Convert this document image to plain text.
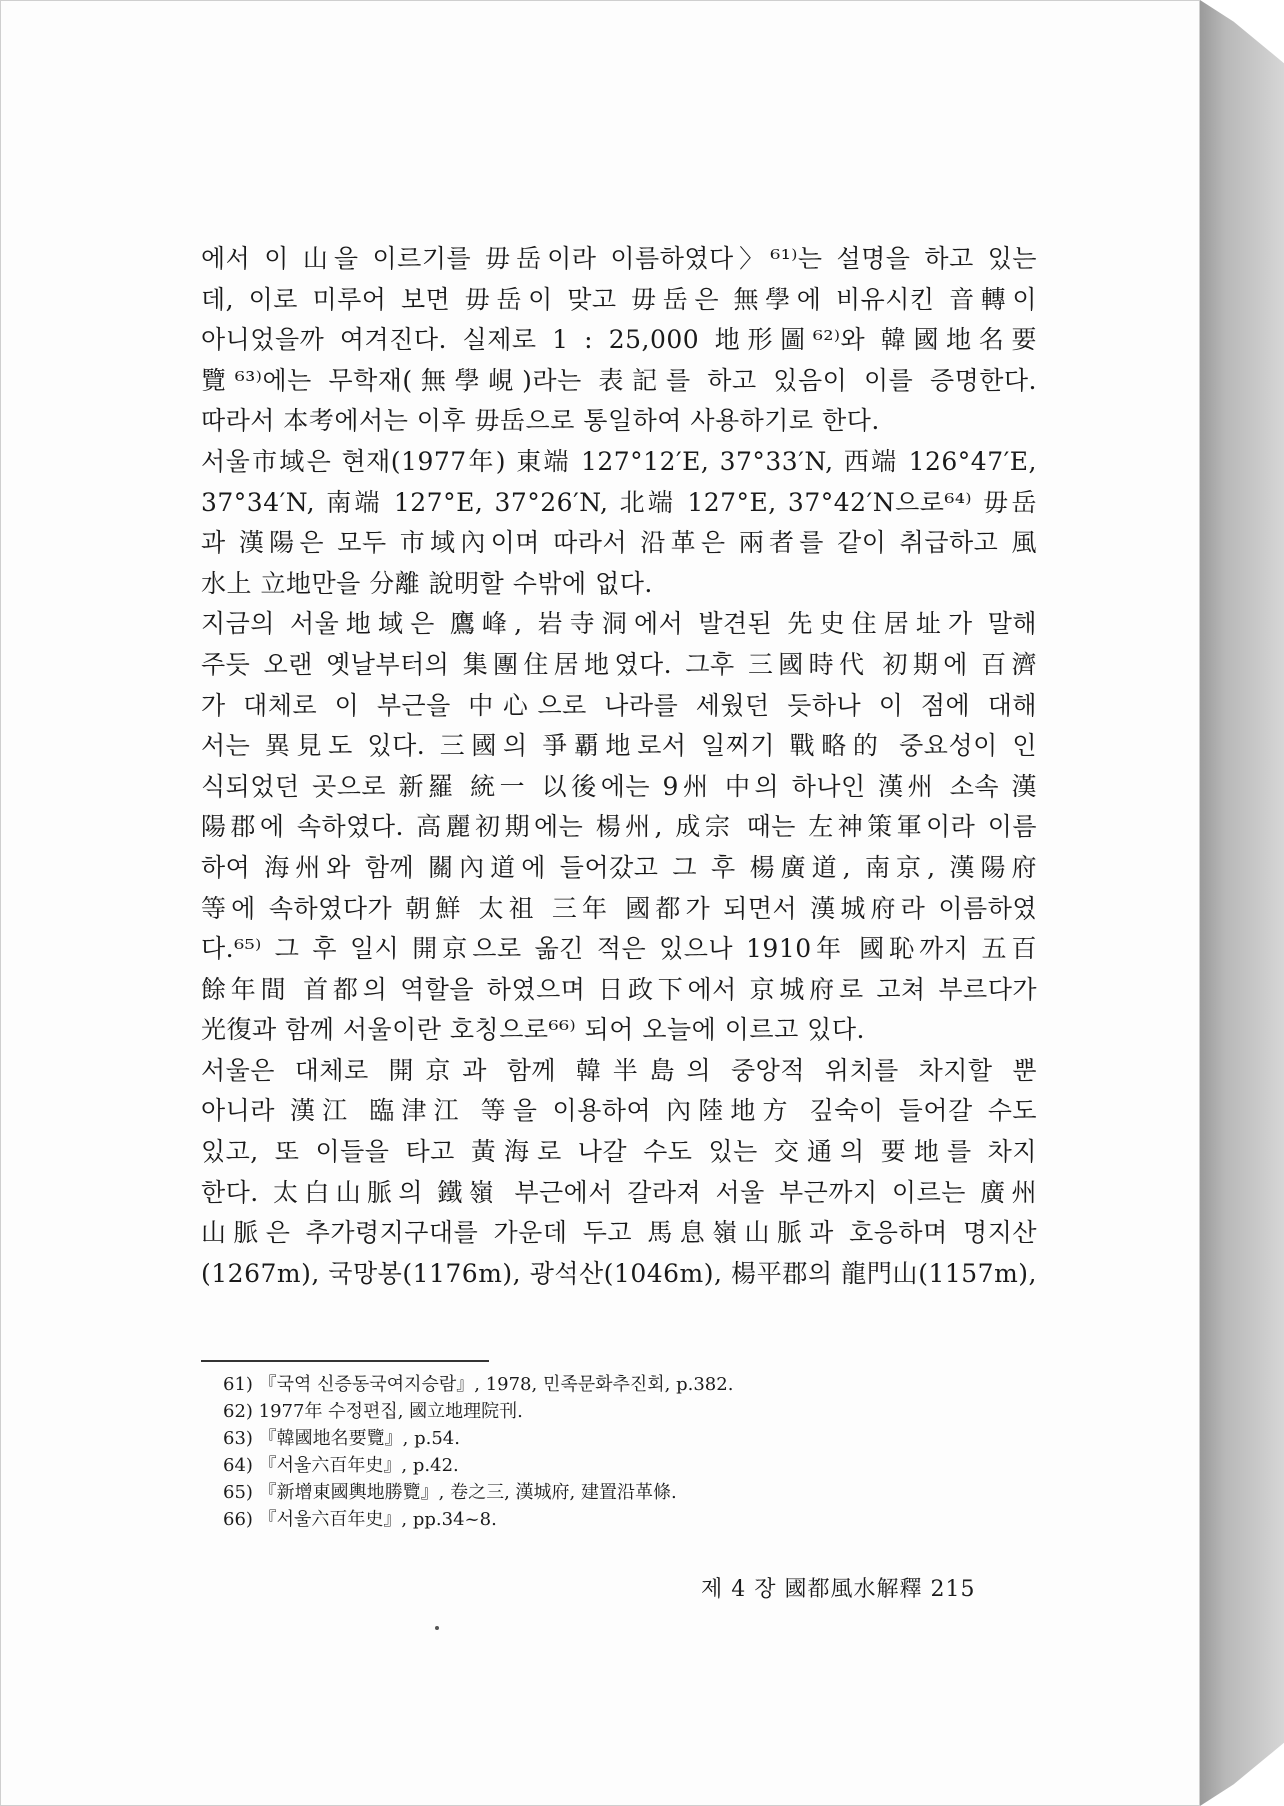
에서 이 山을 이르기를 毋岳이라 이름하였다〉⁶¹⁾는 설명을 하고 있는
데, 이로 미루어 보면 毋岳이 맞고 毋岳은 無學에 비유시킨 音轉이
아니었을까 여겨진다. 실제로 1 : 25,000 地形圖⁶²⁾와 韓國地名要
覽⁶³⁾에는 무학재(無學峴)라는 表記를 하고 있음이 이를 증명한다.
따라서 本考에서는 이후 毋岳으로 통일하여 사용하기로 한다.
서울市域은 현재(1977年) 東端 127°12′E, 37°33′N, 西端 126°47′E,
37°34′N, 南端 127°E, 37°26′N, 北端 127°E, 37°42′N으로⁶⁴⁾ 毋岳
과 漢陽은 모두 市域內이며 따라서 沿革은 兩者를 같이 취급하고 風
水上 立地만을 分離 說明할 수밖에 없다.
지금의 서울地域은 鷹峰, 岩寺洞에서 발견된 先史住居址가 말해
주듯 오랜 옛날부터의 集團住居地였다. 그후 三國時代 初期에 百濟
가 대체로 이 부근을 中心으로 나라를 세웠던 듯하나 이 점에 대해
서는 異見도 있다. 三國의 爭覇地로서 일찌기 戰略的 중요성이 인
식되었던 곳으로 新羅 統一 以後에는 9州 中의 하나인 漢州 소속 漢
陽郡에 속하였다. 高麗初期에는 楊州, 成宗 때는 左神策軍이라 이름
하여 海州와 함께 關內道에 들어갔고 그 후 楊廣道, 南京, 漢陽府
等에 속하였다가 朝鮮 太祖 三年 國都가 되면서 漢城府라 이름하였
다.⁶⁵⁾ 그 후 일시 開京으로 옮긴 적은 있으나 1910年 國恥까지 五百
餘年間 首都의 역할을 하였으며 日政下에서 京城府로 고쳐 부르다가
光復과 함께 서울이란 호칭으로⁶⁶⁾ 되어 오늘에 이르고 있다.
서울은 대체로 開京과 함께 韓半島의 중앙적 위치를 차지할 뿐
아니라 漢江 臨津江 等을 이용하여 內陸地方 깊숙이 들어갈 수도
있고, 또 이들을 타고 黃海로 나갈 수도 있는 交通의 要地를 차지
한다. 太白山脈의 鐵嶺 부근에서 갈라져 서울 부근까지 이르는 廣州
山脈은 추가령지구대를 가운데 두고 馬息嶺山脈과 호응하며 명지산
(1267m), 국망봉(1176m), 광석산(1046m), 楊平郡의 龍門山(1157m),
61) 『국역 신증동국여지승람』, 1978, 민족문화추진회, p.382.
62) 1977年 수정편집, 國立地理院刊.
63) 『韓國地名要覽』, p.54.
64) 『서울六百年史』, p.42.
65) 『新增東國輿地勝覽』, 卷之三, 漢城府, 建置沿革條.
66) 『서울六百年史』, pp.34~8.
제 4 장 國都風水解釋 215
